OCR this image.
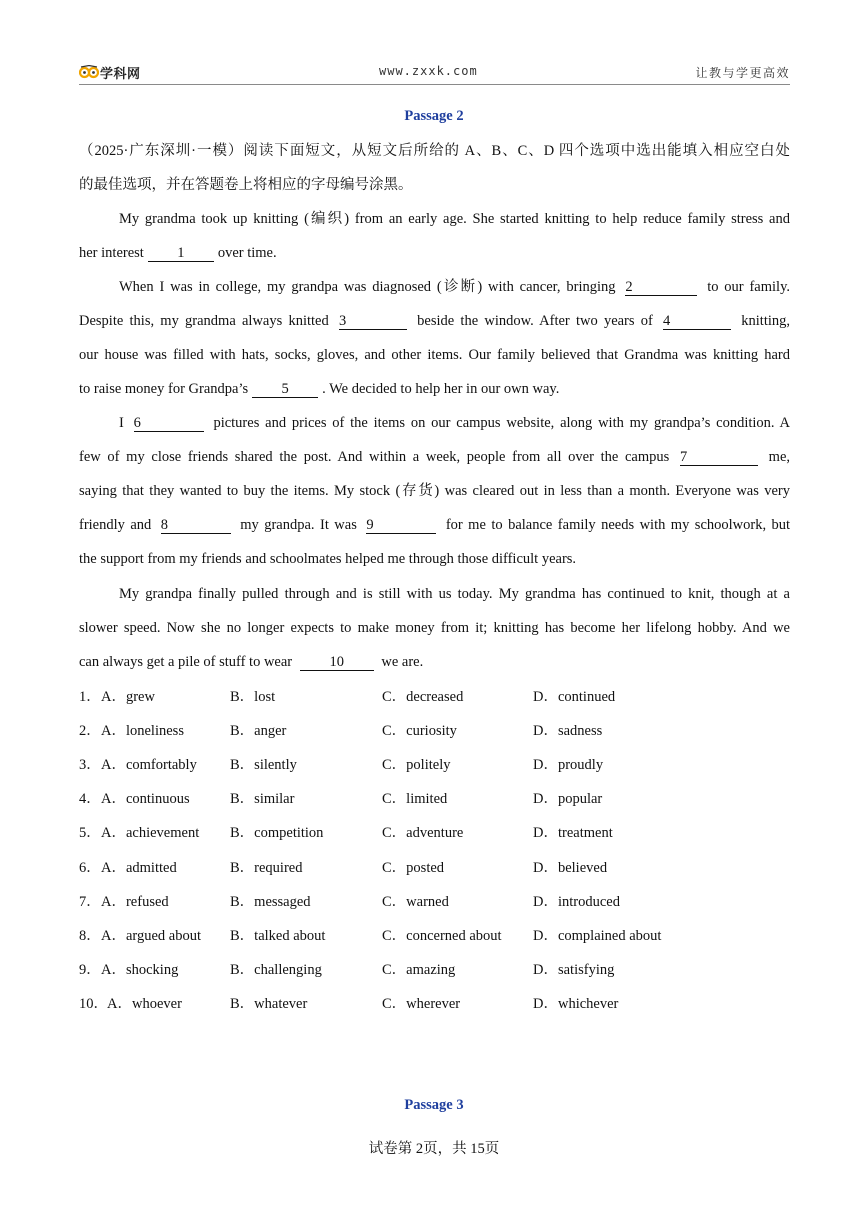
学科网	www.zxxk.com	让教与学更高效
Passage 2
（2025·广东深圳·一模）阅读下面短文，从短文后所给的 A、B、C、D 四个选项中选出能填入相应空白处
的最佳选项，并在答题卷上将相应的字母编号涂黑。
My grandma took up knitting (编织) from an early age. She started knitting to help reduce family stress and
her interest 1 over time.
When I was in college, my grandpa was diagnosed (诊断) with cancer, bringing 2	to our family.
Despite this, my grandma always knitted 3	beside the window. After two years of 4	knitting,
our house was filled with hats, socks, gloves, and other items. Our family believed that Grandma was knitting hard
to raise money for Grandpa’s 5 . We decided to help her in our own way.
I 6	pictures and prices of the items on our campus website, along with my grandpa’s condition. A
few of my close friends shared the post. And within a week, people from all over the campus 7	me,
saying that they wanted to buy the items. My stock (存货) was cleared out in less than a month. Everyone was very
friendly and 8	my grandpa. It was 9	for me to balance family needs with my schoolwork, but
the support from my friends and schoolmates helped me through those difficult years.
My grandpa finally pulled through and is still with us today. My grandma has continued to knit, though at a
slower speed. Now she no longer expects to make money from it; knitting has become her lifelong hobby. And we
can always get a pile of stuff to wear	10	we are.
1． A．grew	B．lost	C．decreased	D．continued
2． A．loneliness	B．anger	C．curiosity	D．sadness
3． A．comfortably B．silently	C．politely	D．proudly
4． A．continuous	B．similar	C．limited	D．popular
5． A．achievement B．competition	C．adventure	D．treatment
6． A．admitted	B．required	C．posted	D．believed
7． A．refused	B．messaged	C．warned	D．introduced
8． A．argued about B．talked about	C．concerned about D．complained about
9． A．shocking	B．challenging	C．amazing	D．satisfying
10． A．whoever	B．whatever	C．wherever	D．whichever
Passage 3
试卷第 2页，共 15页
